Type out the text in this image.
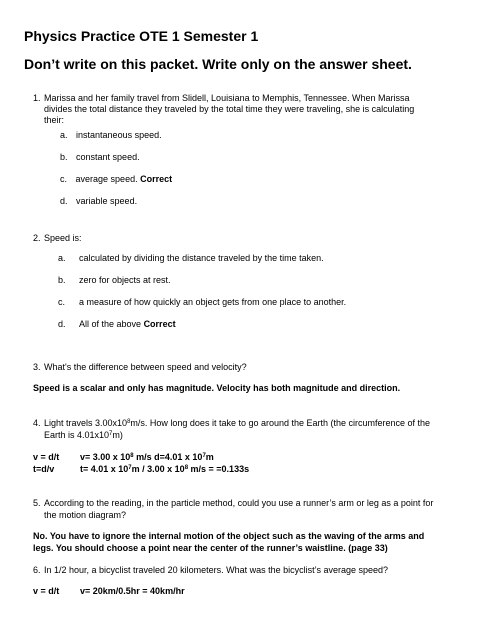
Physics Practice OTE 1 Semester 1
Don’t write on this packet. Write only on the answer sheet.
1. Marissa and her family travel from Slidell, Louisiana to Memphis, Tennessee. When Marissa
divides the total distance they traveled by the total time they were traveling, she is calculating
their:
a. instantaneous speed.
b. constant speed.
c. average speed. Correct
d. variable speed.
2. Speed is:
a. calculated by dividing the distance traveled by the time taken.
b. zero for objects at rest.
c. a measure of how quickly an object gets from one place to another.
d. All of the above Correct
3. What's the difference between speed and velocity?
Speed is a scalar and only has magnitude. Velocity has both magnitude and direction.
4. Light travels $3.00x10^8m/s$. How long does it take to go around the Earth (the circumference of the
Earth is $4.01x10^7m$)
v = d/t v= 3.00 x $10^8$ m/s d=4.01 x $10^7m$
t=d/v	t= 4.01 x $10^7m / 3.00$ x $10^8$ m/s = =0.133s
5. According to the reading, in the particle method, could you use a runner’s arm or leg as a point for
the motion diagram?
No. You have to ignore the internal motion of the object such as the waving of the arms and
legs. You should choose a point near the center of the runner’s waistline. (page 33)
6. In 1/2 hour, a bicyclist traveled 20 kilometers. What was the bicyclist’s average speed?
v = d/t v= 20km/0.5hr = 40km/hr
